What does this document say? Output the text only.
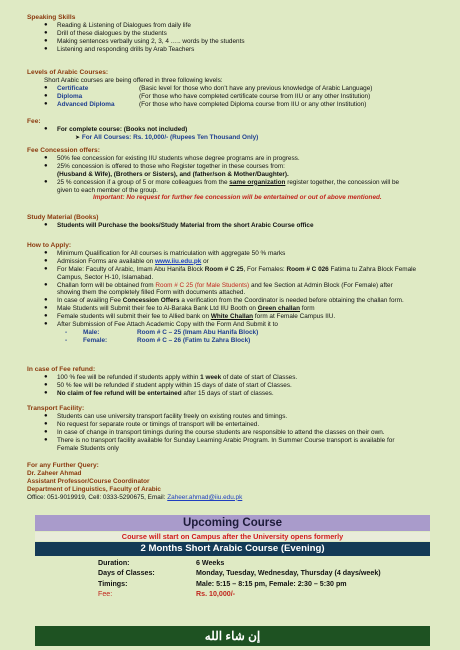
Speaking Skills
● Reading & Listening of Dialogues from daily life
● Drill of these dialogues by the students
● Making sentences verbally using 2, 3, 4 ….. words by the students
● Listening and responding drills by Arab Teachers
Levels of Arabic Courses:
Short Arabic courses are being offered in three following levels:
● Certificate	(Basic level for those who don’t have any previous knowledge of Arabic Language)
● Diploma	(For those who have completed certificate course from IIU or any other Institution)
● Advanced Diploma	(For those who have completed Diploma course from IIU or any other Institution)
Fee:
● For complete course: (Books not included)
➤ For All Courses: Rs. 10,000/- (Rupees Ten Thousand Only)
Fee Concession offers:
● 50% fee concession for existing IIU students whose degree programs are in progress.
● 25% concession is offered to those who Register together in these courses from:
(Husband & Wife), (Brothers or Sisters), and (father/son & Mother/Daughter).
● 25 % concession if a group of 5 or more colleagues from the same organization register together, the concession will be
given to each member of the group.
Important: No request for further fee concession will be entertained or out of above mentioned.
Study Material (Books)
● Students will Purchase the books/Study Material from the short Arabic Course office
How to Apply:
● Minimum Qualification for All courses is matriculation with aggregate 50 % marks
● Admission Forms are available on www.iiu.edu.pk or
● For Male: Faculty of Arabic, Imam Abu Hanifa Block Room # C 25, For Females: Room # C 026 Fatima tu Zahra Block Female
Campus, Sector H-10, Islamabad.
● Challan form will be obtained from Room # C 25 (for Male Students) and fee Section at Admin Block (For Female) after
showing them the completely filled Form with documents attached.
● In case of availing Fee Concession Offers a verification from the Coordinator is needed before obtaining the challan form.
● Male Students will Submit their fee to Al-Baraka Bank Ltd IIU Booth on Green challan form
● Female students will submit their fee to Allied bank on White Challan form at Female Campus IIU.
● After Submission of Fee Attach Academic Copy with the Form And Submit it to
-	Male:	Room # C – 25 (Imam Abu Hanifa Block)
-	Female:	Room # C – 26 (Fatim tu Zahra Block)
In case of Fee refund:
● 100 % fee will be refunded if students apply within 1 week of date of start of Classes.
● 50 % fee will be refunded if student apply within 15 days of date of start of Classes.
● No claim of fee refund will be entertained after 15 days of start of classes.
Transport Facility:
● Students can use university transport facility freely on existing routes and timings.
● No request for separate route or timings of transport will be entertained.
● In case of change in transport timings during the course students are responsible to attend the classes on their own.
● There is no transport facility available for Sunday Learning Arabic Program. In Summer Course transport is available for
Female Students only
For any Further Query:
Dr. Zaheer Ahmad
Assistant Professor/Course Coordinator
Department of Linguistics, Faculty of Arabic
Office: 051-9019919, Cell: 0333-5290675, Email: Zaheer.ahmad@iiu.edu.pk
Upcoming Course
Course will start on Campus after the University opens formerly
2 Months Short Arabic Course (Evening)
Duration:	6 Weeks
Days of Classes:	Monday, Tuesday, Wednesday, Thursday (4 days/week)
Timings:	Male: 5:15 – 8:15 pm, Female: 2:30 – 5:30 pm
Fee:	Rs. 10,000/-
إن شاء الله
